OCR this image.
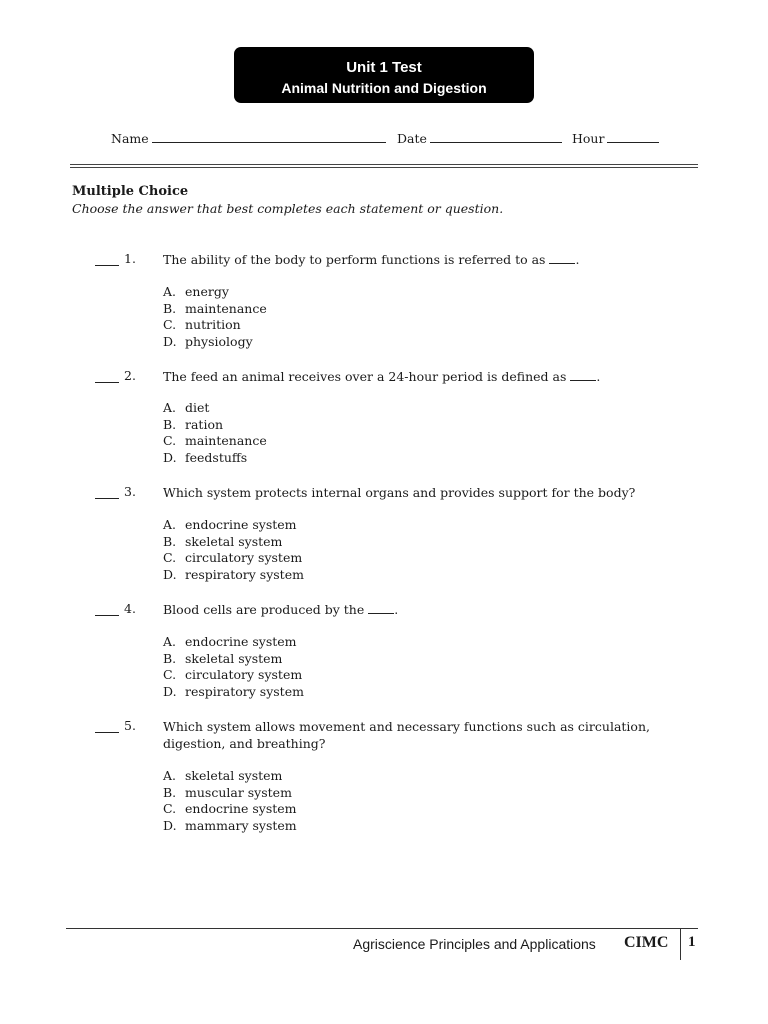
Unit 1 Test
Animal Nutrition and Digestion
Name	Date	Hour
Multiple Choice
Choose the answer that best completes each statement or question.
1. The ability of the body to perform functions is referred to as .
A. energy
B. maintenance
C. nutrition
D. physiology
2. The feed an animal receives over a 24-hour period is defined as .
A. diet
B. ration
C. maintenance
D. feedstuffs
3. Which system protects internal organs and provides support for the body?
A. endocrine system
B. skeletal system
C. circulatory system
D. respiratory system
4. Blood cells are produced by the .
A. endocrine system
B. skeletal system
C. circulatory system
D. respiratory system
5. Which system allows movement and necessary functions such as circulation, digestion, and breathing?
A. skeletal system
B. muscular system
C. endocrine system
D. mammary system
Agriscience Principles and Applications CIMC 1
